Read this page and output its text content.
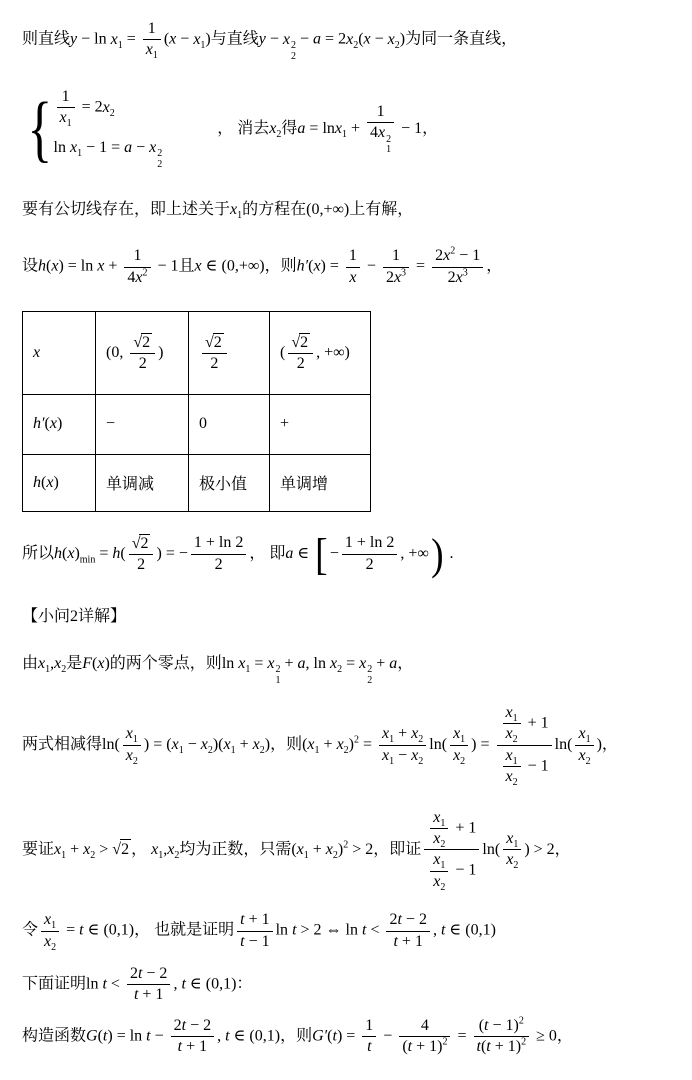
则直线$y - \ln x_1 = \frac{1}{x_1} (x - x_1)$与直线y − x 2
2
− $a = 2x_2(x - x_2)$为同一条直线，
{ $\frac{1}{x_1} = 2x_2$
$\ln x_1 - 1 = a - x$ 2
2
， 消去$x_2$得a = lnx$_1$ + 1
4x 2
1 − 1，
要有公切线存在，即上述关于$x_1$的方程在(0,+∞)上有解，
设$h(x) = \ln x + \frac{1}{4x^2} - 1$且x ∈ (0,+∞)，则$h'(x) = \frac{1}{x} - \frac{1}{2x^3} = \frac{2x^2 - 1}{2x^3}$ ，
x	(0, $\frac{√2}{2}$ )	$\frac{√2}{2}$	( $\frac{√2}{2}$ , +∞)
h′(x)	−	0	+
h(x)	单调减	极小值	单调增
所以$h(x)_{min} = h( \frac{√2}{2}$ ) = − $\frac{1 + \ln 2}{2}$ ， 即a ∈ [ − $\frac{1 + \ln 2}{2}$ , +∞) .
【小问2详解】
由$x_1,x_2$是F(x)的两个零点，则$\ln x_1 = x$ 2
1
+ a, $\ln x_2 = x$ 2
2
+ a，
两式相减得$\ln( \frac{x_1}{x_2}$ ) = $(x_1 - x_2)(x_1 + x_2)$，则$(x_1 + x_2)^2 = \frac{x_1 + x_2}{x_1 - x_2} \ln( \frac{x_1}{x_2}$ ) = $\frac{\frac{x_1}{x_2} + 1}{\frac{x_1}{x_2} - 1} \ln( \frac{x_1}{x_2}$ )，
要证$x_1 + x_2 > √2$ ， $x_1,x_2$均为正数，只需$(x_1 + x_2)^2 > 2$，即证 $\frac{\frac{x_1}{x_2} + 1}{\frac{x_1}{x_2} - 1} \ln( \frac{x_1}{x_2}$ ) > 2，
令 $\frac{x_1}{x_2} = t$ ∈ (0,1)， 也就是证明 $\frac{t + 1}{t - 1}$ ln t > 2 ⇔ $\ln t < \frac{2t - 2}{t + 1}$ , t ∈ (0,1)
下面证明$\ln t < \frac{2t - 2}{t + 1}$ , t ∈ (0,1)：
构造函数$G(t) = \ln t - \frac{2t - 2}{t + 1}$ , t ∈ (0,1)，则$G'(t) = \frac{1}{t} - \frac{4}{(t + 1)^2} = \frac{(t - 1)^2}{t(t + 1)^2} \ge 0$，
